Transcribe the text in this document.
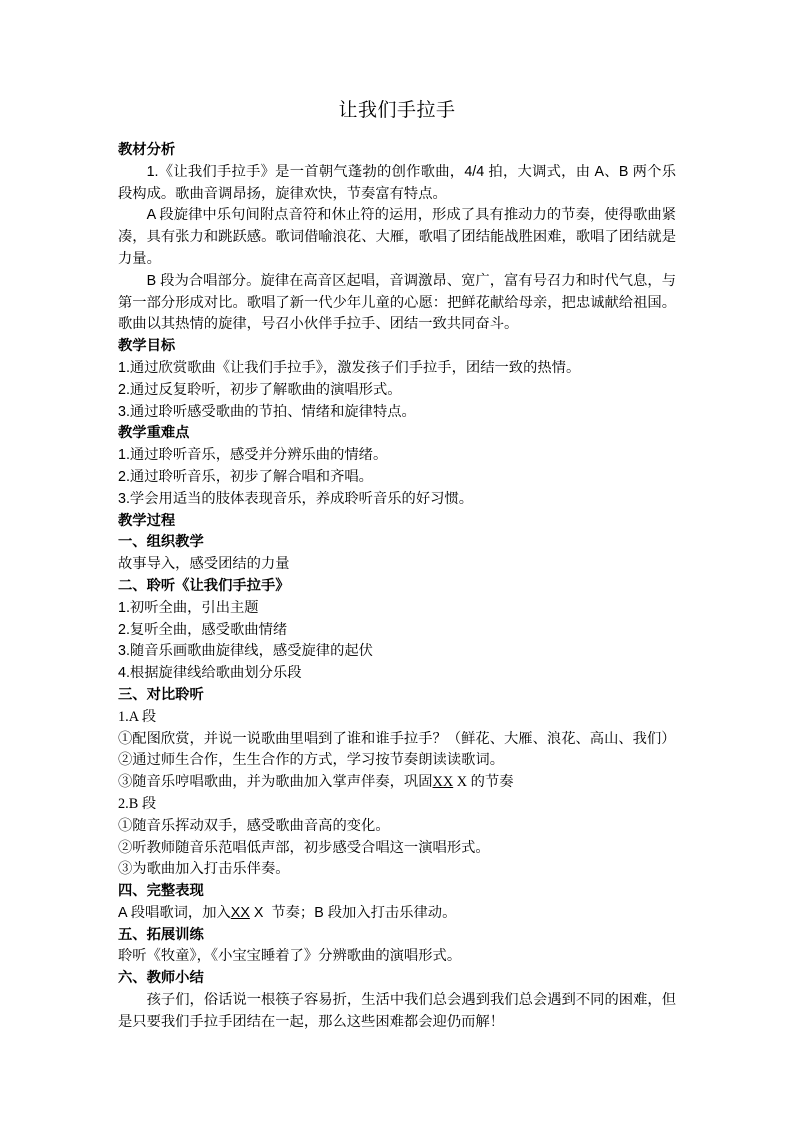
让我们手拉手
教材分析

1.《让我们手拉手》是一首朝气蓬勃的创作歌曲，4/4 拍，大调式，由 A、B 两个乐段构成。歌曲音调昂扬，旋律欢快，节奏富有特点。

A 段旋律中乐句间附点音符和休止符的运用，形成了具有推动力的节奏，使得歌曲紧凑，具有张力和跳跃感。歌词借喻浪花、大雁，歌唱了团结能战胜困难，歌唱了团结就是力量。

B 段为合唱部分。旋律在高音区起唱，音调激昂、宽广，富有号召力和时代气息，与第一部分形成对比。歌唱了新一代少年儿童的心愿：把鲜花献给母亲，把忠诚献给祖国。歌曲以其热情的旋律，号召小伙伴手拉手、团结一致共同奋斗。

教学目标

1.通过欣赏歌曲《让我们手拉手》，激发孩子们手拉手，团结一致的热情。

2.通过反复聆听，初步了解歌曲的演唱形式。

3.通过聆听感受歌曲的节拍、情绪和旋律特点。

教学重难点

1.通过聆听音乐，感受并分辨乐曲的情绪。

2.通过聆听音乐，初步了解合唱和齐唱。

3.学会用适当的肢体表现音乐，养成聆听音乐的好习惯。

教学过程
一、组织教学

故事导入，感受团结的力量

二、聆听《让我们手拉手》

1.初听全曲，引出主题

2.复听全曲，感受歌曲情绪

3.随音乐画歌曲旋律线，感受旋律的起伏

4.根据旋律线给歌曲划分乐段

三、对比聆听

1.A 段

①配图欣赏，并说一说歌曲里唱到了谁和谁手拉手？（鲜花、大雁、浪花、高山、我们）

②通过师生合作，生生合作的方式，学习按节奏朗读读歌词。

③随音乐哼唱歌曲，并为歌曲加入掌声伴奏，巩固XX X 的节奏

2.B 段

①随音乐挥动双手，感受歌曲音高的变化。

②听教师随音乐范唱低声部，初步感受合唱这一演唱形式。

③为歌曲加入打击乐伴奏。

四、完整表现

A 段唱歌词，加入XX X  节奏；B 段加入打击乐律动。

五、拓展训练

聆听《牧童》，《小宝宝睡着了》分辨歌曲的演唱形式。

六、教师小结

孩子们，俗话说一根筷子容易折，生活中我们总会遇到我们总会遇到不同的困难，但是只要我们手拉手团结在一起，那么这些困难都会迎仍而解！
